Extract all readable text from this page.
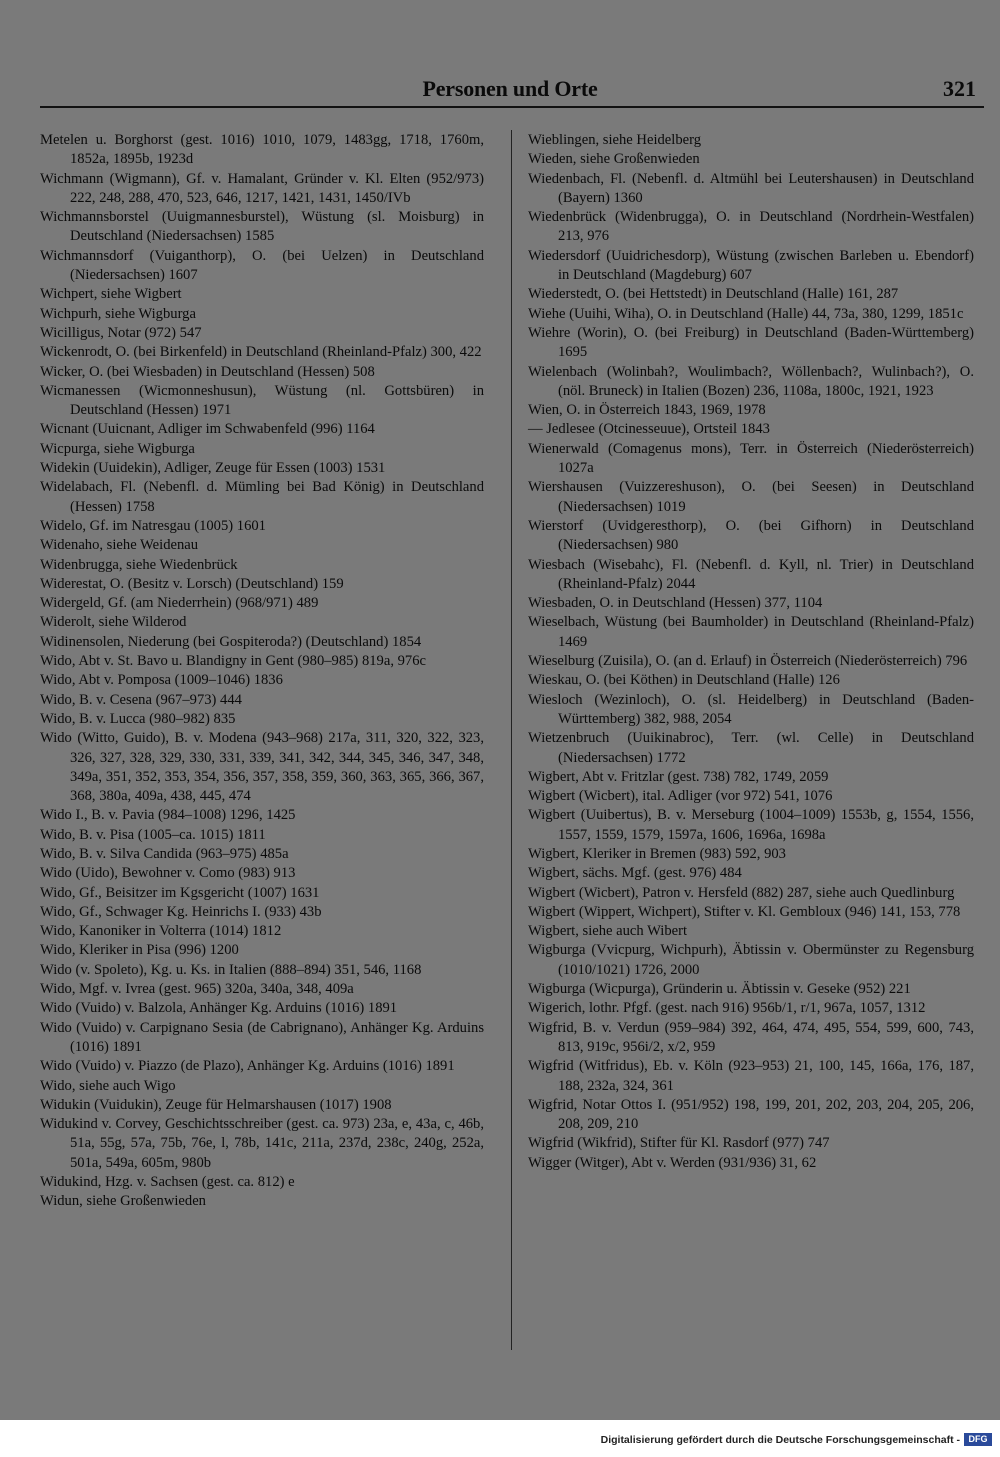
Personen und Orte	321
Metelen u. Borghorst (gest. 1016) 1010, 1079, 1483gg, 1718, 1760m, 1852a, 1895b, 1923d
Wichmann (Wigmann), Gf. v. Hamalant, Gründer v. Kl. Elten (952/973) 222, 248, 288, 470, 523, 646, 1217, 1421, 1431, 1450/IVb
Wichmannsborstel (Uuigmannesburstel), Wüstung (sl. Moisburg) in Deutschland (Niedersachsen) 1585
Wichmannsdorf (Vuiganthorp), O. (bei Uelzen) in Deutschland (Niedersachsen) 1607
Wichpert, siehe Wigbert
Wichpurh, siehe Wigburga
Wicilligus, Notar (972) 547
Wickenrodt, O. (bei Birkenfeld) in Deutschland (Rheinland-Pfalz) 300, 422
Wicker, O. (bei Wiesbaden) in Deutschland (Hessen) 508
Wicmanessen (Wicmonneshusun), Wüstung (nl. Gottsbüren) in Deutschland (Hessen) 1971
Wicnant (Uuicnant, Adliger im Schwabenfeld (996) 1164
Wicpurga, siehe Wigburga
Widekin (Uuidekin), Adliger, Zeuge für Essen (1003) 1531
Widelabach, Fl. (Nebenfl. d. Mümling bei Bad König) in Deutschland (Hessen) 1758
Widelo, Gf. im Natresgau (1005) 1601
Widenaho, siehe Weidenau
Widenbrugga, siehe Wiedenbrück
Widerestat, O. (Besitz v. Lorsch) (Deutschland) 159
Widergeld, Gf. (am Niederrhein) (968/971) 489
Widerolt, siehe Wilderod
Widinensolen, Niederung (bei Gospiteroda?) (Deutschland) 1854
Wido, Abt v. St. Bavo u. Blandigny in Gent (980–985) 819a, 976c
Wido, Abt v. Pomposa (1009–1046) 1836
Wido, B. v. Cesena (967–973) 444
Wido, B. v. Lucca (980–982) 835
Wido (Witto, Guido), B. v. Modena (943–968) 217a, 311, 320, 322, 323, 326, 327, 328, 329, 330, 331, 339, 341, 342, 344, 345, 346, 347, 348, 349a, 351, 352, 353, 354, 356, 357, 358, 359, 360, 363, 365, 366, 367, 368, 380a, 409a, 438, 445, 474
Wido I., B. v. Pavia (984–1008) 1296, 1425
Wido, B. v. Pisa (1005–ca. 1015) 1811
Wido, B. v. Silva Candida (963–975) 485a
Wido (Uido), Bewohner v. Como (983) 913
Wido, Gf., Beisitzer im Kgsgericht (1007) 1631
Wido, Gf., Schwager Kg. Heinrichs I. (933) 43b
Wido, Kanoniker in Volterra (1014) 1812
Wido, Kleriker in Pisa (996) 1200
Wido (v. Spoleto), Kg. u. Ks. in Italien (888–894) 351, 546, 1168
Wido, Mgf. v. Ivrea (gest. 965) 320a, 340a, 348, 409a
Wido (Vuido) v. Balzola, Anhänger Kg. Arduins (1016) 1891
Wido (Vuido) v. Carpignano Sesia (de Cabrignano), Anhänger Kg. Arduins (1016) 1891
Wido (Vuido) v. Piazzo (de Plazo), Anhänger Kg. Arduins (1016) 1891
Wido, siehe auch Wigo
Widukin (Vuidukin), Zeuge für Helmarshausen (1017) 1908
Widukind v. Corvey, Geschichtsschreiber (gest. ca. 973) 23a, e, 43a, c, 46b, 51a, 55g, 57a, 75b, 76e, l, 78b, 141c, 211a, 237d, 238c, 240g, 252a, 501a, 549a, 605m, 980b
Widukind, Hzg. v. Sachsen (gest. ca. 812) e
Widun, siehe Großenwieden
Wieblingen, siehe Heidelberg
Wieden, siehe Großenwieden
Wiedenbach, Fl. (Nebenfl. d. Altmühl bei Leutershausen) in Deutschland (Bayern) 1360
Wiedenbrück (Widenbrugga), O. in Deutschland (Nordrhein-Westfalen) 213, 976
Wiedersdorf (Uuidrichesdorp), Wüstung (zwischen Barleben u. Ebendorf) in Deutschland (Magdeburg) 607
Wiederstedt, O. (bei Hettstedt) in Deutschland (Halle) 161, 287
Wiehe (Uuihi, Wiha), O. in Deutschland (Halle) 44, 73a, 380, 1299, 1851c
Wiehre (Worin), O. (bei Freiburg) in Deutschland (Baden-Württemberg) 1695
Wielenbach (Wolinbah?, Woulimbach?, Wöllenbach?, Wulinbach?), O. (nöl. Bruneck) in Italien (Bozen) 236, 1108a, 1800c, 1921, 1923
Wien, O. in Österreich 1843, 1969, 1978
— Jedlesee (Otcinesseuue), Ortsteil 1843
Wienerwald (Comagenus mons), Terr. in Österreich (Niederösterreich) 1027a
Wiershausen (Vuizzereshuson), O. (bei Seesen) in Deutschland (Niedersachsen) 1019
Wierstorf (Uvidgeresthorp), O. (bei Gifhorn) in Deutschland (Niedersachsen) 980
Wiesbach (Wisebahc), Fl. (Nebenfl. d. Kyll, nl. Trier) in Deutschland (Rheinland-Pfalz) 2044
Wiesbaden, O. in Deutschland (Hessen) 377, 1104
Wieselbach, Wüstung (bei Baumholder) in Deutschland (Rheinland-Pfalz) 1469
Wieselburg (Zuisila), O. (an d. Erlauf) in Österreich (Niederösterreich) 796
Wieskau, O. (bei Köthen) in Deutschland (Halle) 126
Wiesloch (Wezinloch), O. (sl. Heidelberg) in Deutschland (Baden-Württemberg) 382, 988, 2054
Wietzenbruch (Uuikinabroc), Terr. (wl. Celle) in Deutschland (Niedersachsen) 1772
Wigbert, Abt v. Fritzlar (gest. 738) 782, 1749, 2059
Wigbert (Wicbert), ital. Adliger (vor 972) 541, 1076
Wigbert (Uuibertus), B. v. Merseburg (1004–1009) 1553b, g, 1554, 1556, 1557, 1559, 1579, 1597a, 1606, 1696a, 1698a
Wigbert, Kleriker in Bremen (983) 592, 903
Wigbert, sächs. Mgf. (gest. 976) 484
Wigbert (Wicbert), Patron v. Hersfeld (882) 287, siehe auch Quedlinburg
Wigbert (Wippert, Wichpert), Stifter v. Kl. Gembloux (946) 141, 153, 778
Wigbert, siehe auch Wibert
Wigburga (Vvicpurg, Wichpurh), Äbtissin v. Obermünster zu Regensburg (1010/1021) 1726, 2000
Wigburga (Wicpurga), Gründerin u. Äbtissin v. Geseke (952) 221
Wigerich, lothr. Pfgf. (gest. nach 916) 956b/1, r/1, 967a, 1057, 1312
Wigfrid, B. v. Verdun (959–984) 392, 464, 474, 495, 554, 599, 600, 743, 813, 919c, 956i/2, x/2, 959
Wigfrid (Witfridus), Eb. v. Köln (923–953) 21, 100, 145, 166a, 176, 187, 188, 232a, 324, 361
Wigfrid, Notar Ottos I. (951/952) 198, 199, 201, 202, 203, 204, 205, 206, 208, 209, 210
Wigfrid (Wikfrid), Stifter für Kl. Rasdorf (977) 747
Wigger (Witger), Abt v. Werden (931/936) 31, 62
Digitalisierung gefördert durch die Deutsche Forschungsgemeinschaft - DFG
